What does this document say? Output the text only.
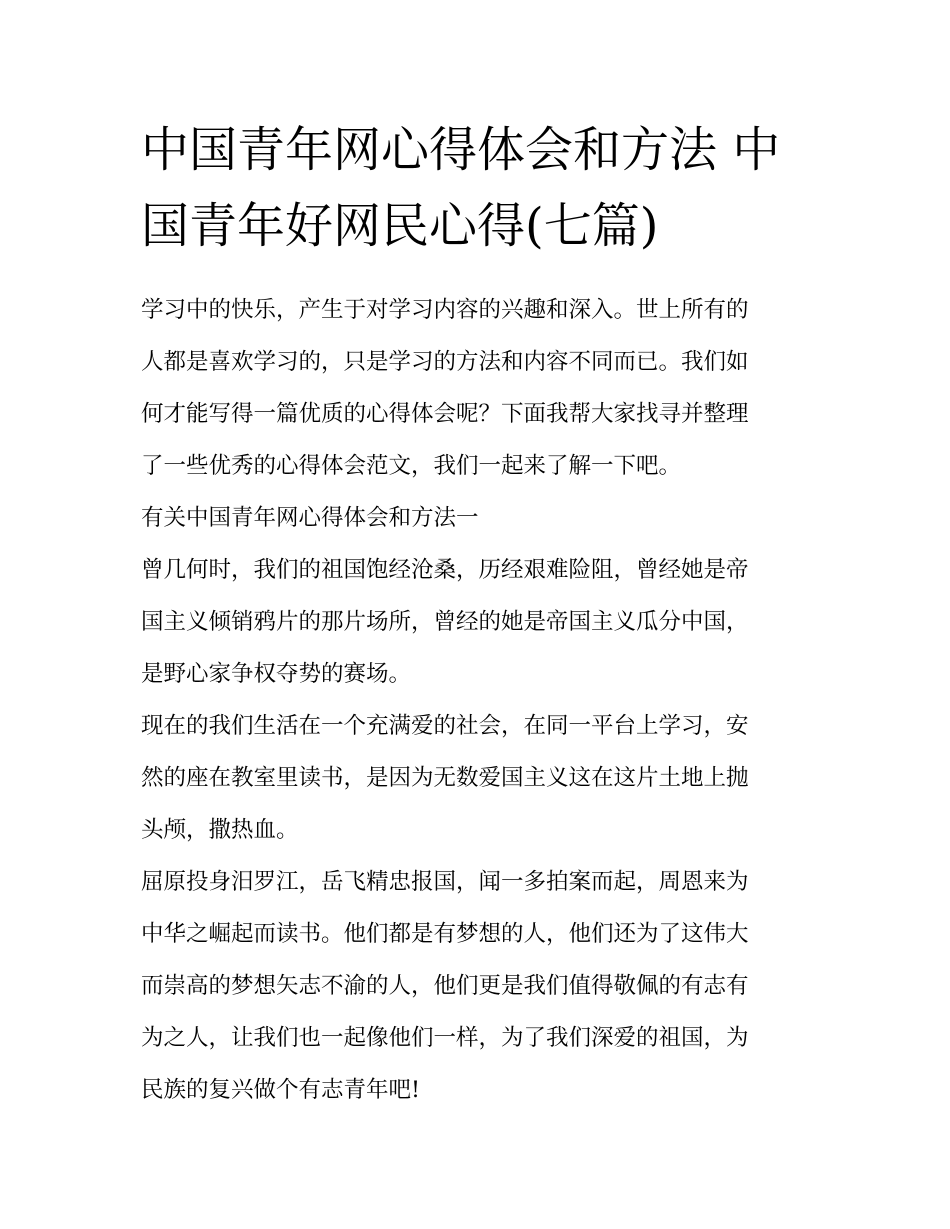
中国青年网心得体会和方法 中
国青年好网民心得(七篇)

学习中的快乐，产生于对学习内容的兴趣和深入。世上所有的
人都是喜欢学习的，只是学习的方法和内容不同而已。我们如
何才能写得一篇优质的心得体会呢？下面我帮大家找寻并整理
了一些优秀的心得体会范文，我们一起来了解一下吧。

有关中国青年网心得体会和方法一

曾几何时，我们的祖国饱经沧桑，历经艰难险阻，曾经她是帝
国主义倾销鸦片的那片场所，曾经的她是帝国主义瓜分中国，
是野心家争权夺势的赛场。

现在的我们生活在一个充满爱的社会，在同一平台上学习，安
然的座在教室里读书，是因为无数爱国主义这在这片土地上抛
头颅，撒热血。

屈原投身汨罗江，岳飞精忠报国，闻一多拍案而起，周恩来为
中华之崛起而读书。他们都是有梦想的人，他们还为了这伟大
而崇高的梦想矢志不渝的人，他们更是我们值得敬佩的有志有
为之人，让我们也一起像他们一样，为了我们深爱的祖国，为
民族的复兴做个有志青年吧!
